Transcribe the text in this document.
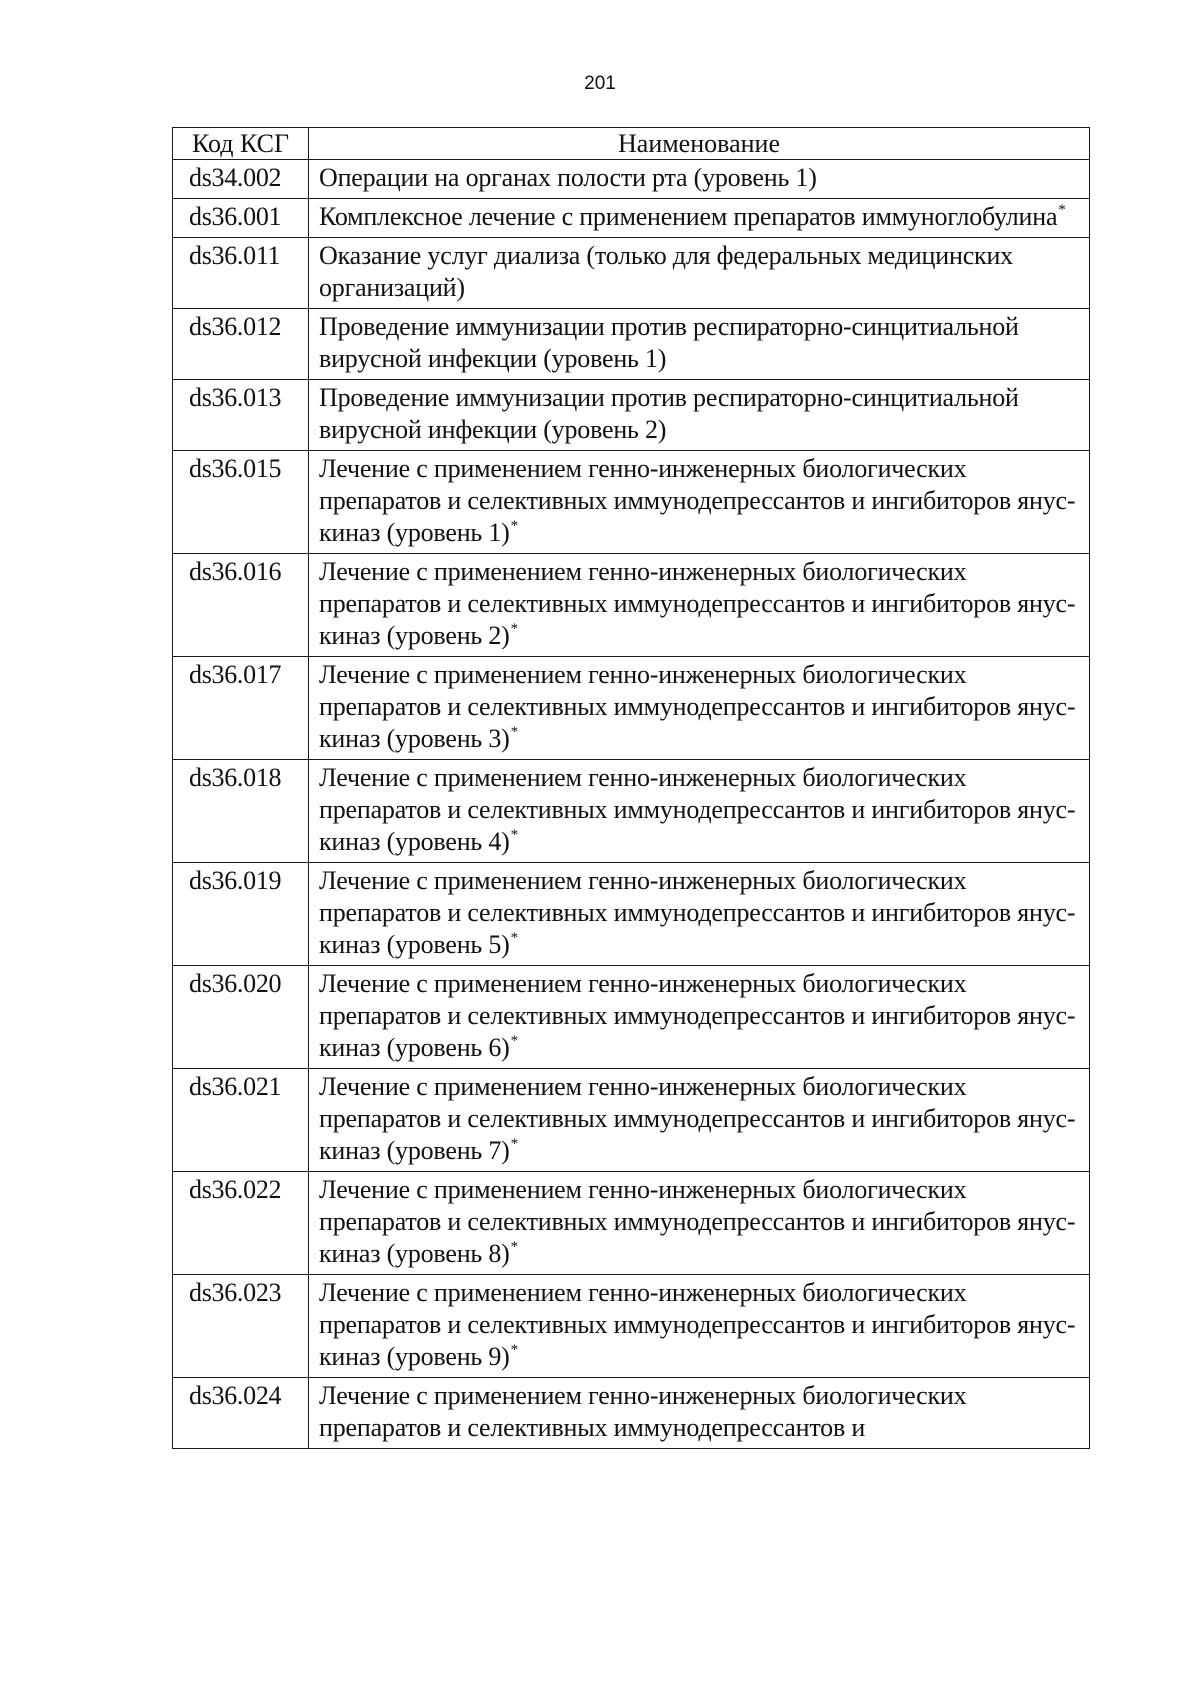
201
Код КСГ	Наименование
ds34.002	Операции на органах полости рта (уровень 1)
ds36.001	Комплексное лечение с применением препаратов иммуноглобулина*
ds36.011	Оказание услуг диализа (только для федеральных медицинских организаций)
ds36.012	Проведение иммунизации против респираторно-синцитиальной вирусной инфекции (уровень 1)
ds36.013	Проведение иммунизации против респираторно-синцитиальной вирусной инфекции (уровень 2)
ds36.015	Лечение с применением генно-инженерных биологических препаратов и селективных иммунодепрессантов и ингибиторов янус-киназ (уровень 1)*
ds36.016	Лечение с применением генно-инженерных биологических препаратов и селективных иммунодепрессантов и ингибиторов янус-киназ (уровень 2)*
ds36.017	Лечение с применением генно-инженерных биологических препаратов и селективных иммунодепрессантов и ингибиторов янус-киназ (уровень 3)*
ds36.018	Лечение с применением генно-инженерных биологических препаратов и селективных иммунодепрессантов и ингибиторов янус-киназ (уровень 4)*
ds36.019	Лечение с применением генно-инженерных биологических препаратов и селективных иммунодепрессантов и ингибиторов янус-киназ (уровень 5)*
ds36.020	Лечение с применением генно-инженерных биологических препаратов и селективных иммунодепрессантов и ингибиторов янус-киназ (уровень 6)*
ds36.021	Лечение с применением генно-инженерных биологических препаратов и селективных иммунодепрессантов и ингибиторов янус-киназ (уровень 7)*
ds36.022	Лечение с применением генно-инженерных биологических препаратов и селективных иммунодепрессантов и ингибиторов янус-киназ (уровень 8)*
ds36.023	Лечение с применением генно-инженерных биологических препаратов и селективных иммунодепрессантов и ингибиторов янус-киназ (уровень 9)*
ds36.024	Лечение с применением генно-инженерных биологических препаратов и селективных иммунодепрессантов и
